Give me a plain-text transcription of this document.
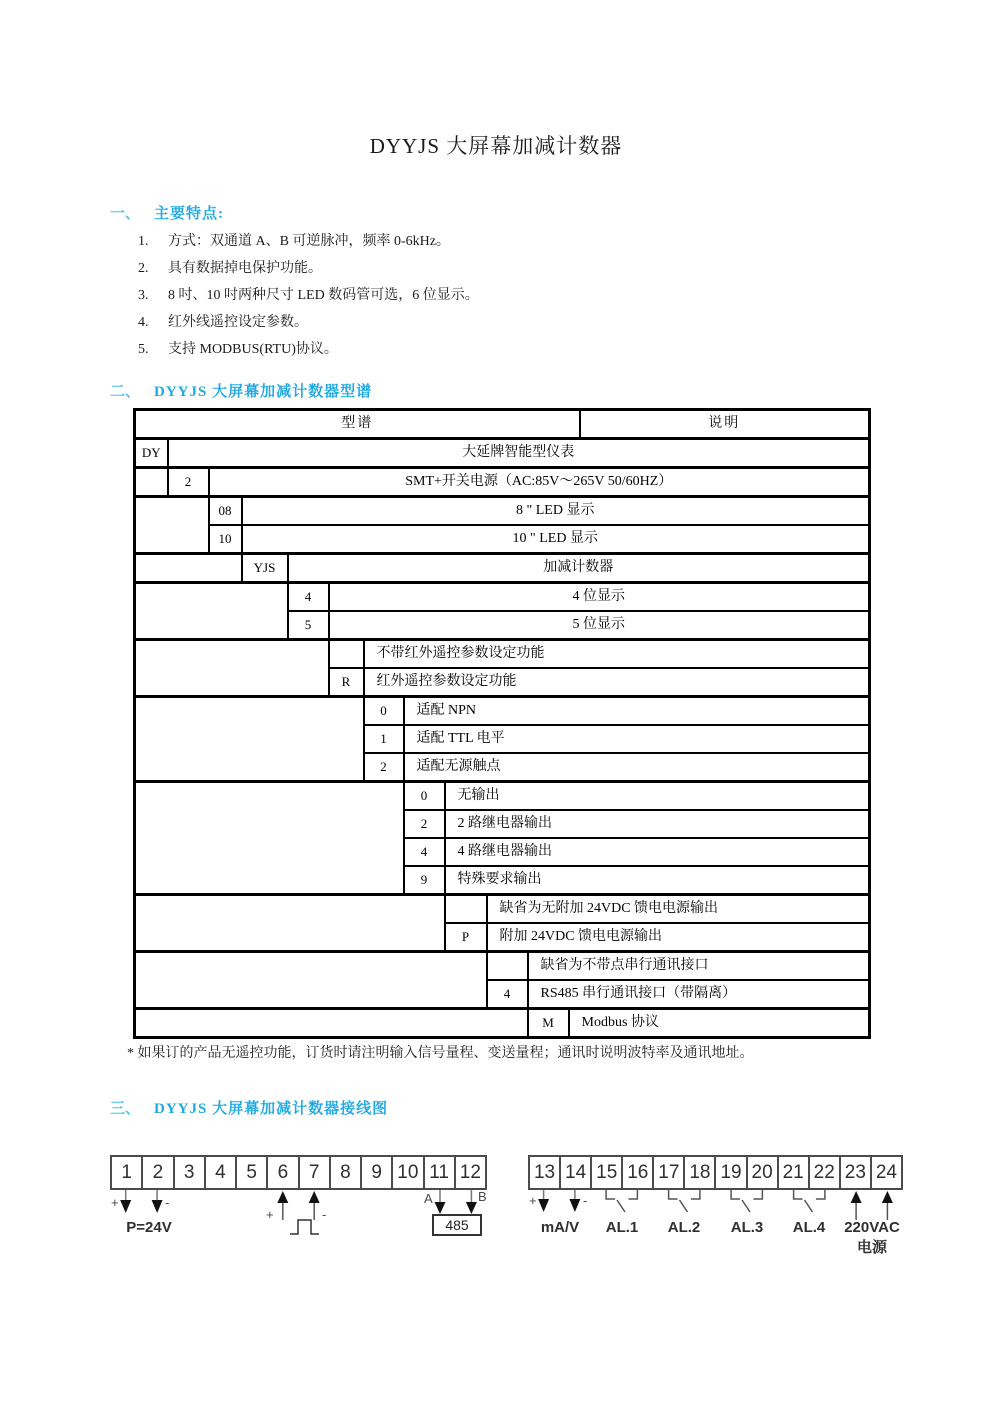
DYYJS 大屏幕加减计数器
一、 主要特点:
1. 方式：双通道 A、B 可逆脉冲，频率 0-6kHz。
2. 具有数据掉电保护功能。
3. 8 吋、10 吋两种尺寸 LED 数码管可选，6 位显示。
4. 红外线遥控设定参数。
5. 支持 MODBUS(RTU)协议。
二、 DYYJS 大屏幕加减计数器型谱
型谱												说明
DY	大延牌智能型仪表											
	2	SMT+开关电源（AC:85V～265V 50/60HZ）										
		08	8 " LED 显示									
		10	10 " LED 显示									
			YJS	加减计数器								
				4	4 位显示							
				5	5 位显示							
						不带红外遥控参数设定功能						
					R	红外遥控参数设定功能						
						0	适配 NPN					
						1	适配 TTL 电平					
						2	适配无源触点					
							0	无输出				
							2	2 路继电器输出				
							4	4 路继电器输出				
							9	特殊要求输出				
									缺省为无附加 24VDC 馈电电源输出			
								P	附加 24VDC 馈电电源输出			
										缺省为不带点串行通讯接口		
									4	RS485 串行通讯接口（带隔离）		
										M	Modbus 协议	
* 如果订的产品无遥控功能，订货时请注明输入信号量程、变送量程；通讯时说明波特率及通讯地址。
三、 DYYJS 大屏幕加减计数器接线图
1	2	3	4	5	6	7	8	9 10 11 12
+	-
+	-
A	B
P=24V	485
13 14 15 16 17 18 19 20 21 22 23 24
+	-
mA/V	AL.1	AL.2	AL.3	AL.4	220VAC
电源
